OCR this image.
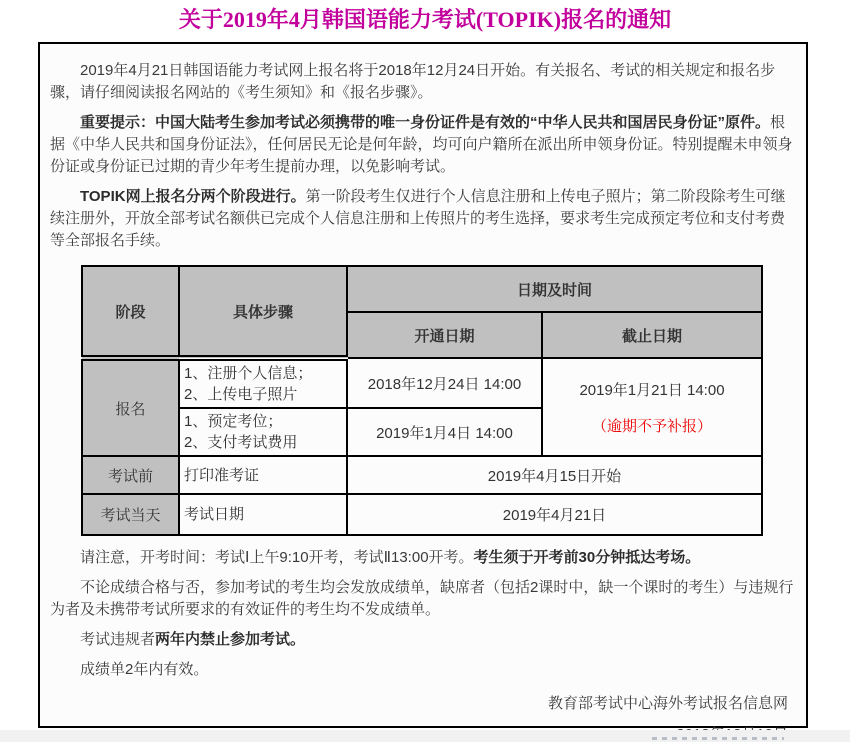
关于2019年4月韩国语能力考试(TOPIK)报名的通知

2019年4月21日韩国语能力考试网上报名将于2018年12月24日开始。有关报名、考试的相关规定和报名步骤，请仔细阅读报名网站的《考生须知》和《报名步骤》。

重要提示：中国大陆考生参加考试必须携带的唯一身份证件是有效的“中华人民共和国居民身份证”原件。根据《中华人民共和国身份证法》，任何居民无论是何年龄，均可向户籍所在派出所申领身份证。特别提醒未申领身份证或身份证已过期的青少年考生提前办理，以免影响考试。

TOPIK网上报名分两个阶段进行。第一阶段考生仅进行个人信息注册和上传电子照片；第二阶段除考生可继续注册外，开放全部考试名额供已完成个人信息注册和上传照片的考生选择，要求考生完成预定考位和支付考费等全部报名手续。

阶段	具体步骤	日期及时间	
		开通日期	截止日期
报名	1、注册个人信息；
2、上传电子照片	2018年12月24日 14:00	2019年1月21日 14:00
（逾期不予补报）

	1、预定考位；
2、支付考试费用	2019年1月4日 14:00	
考试前	打印准考证	2019年4月15日开始	
考试当天	考试日期	2019年4月21日	

请注意，开考时间：考试Ⅰ上午9:10开考，考试Ⅱ13:00开考。考生须于开考前30分钟抵达考场。

不论成绩合格与否，参加考试的考生均会发放成绩单，缺席者（包括2课时中，缺一个课时的考生）与违规行为者及未携带考试所要求的有效证件的考生均不发成绩单。

考试违规者两年内禁止参加考试。

成绩单2年内有效。

教育部考试中心海外考试报名信息网
